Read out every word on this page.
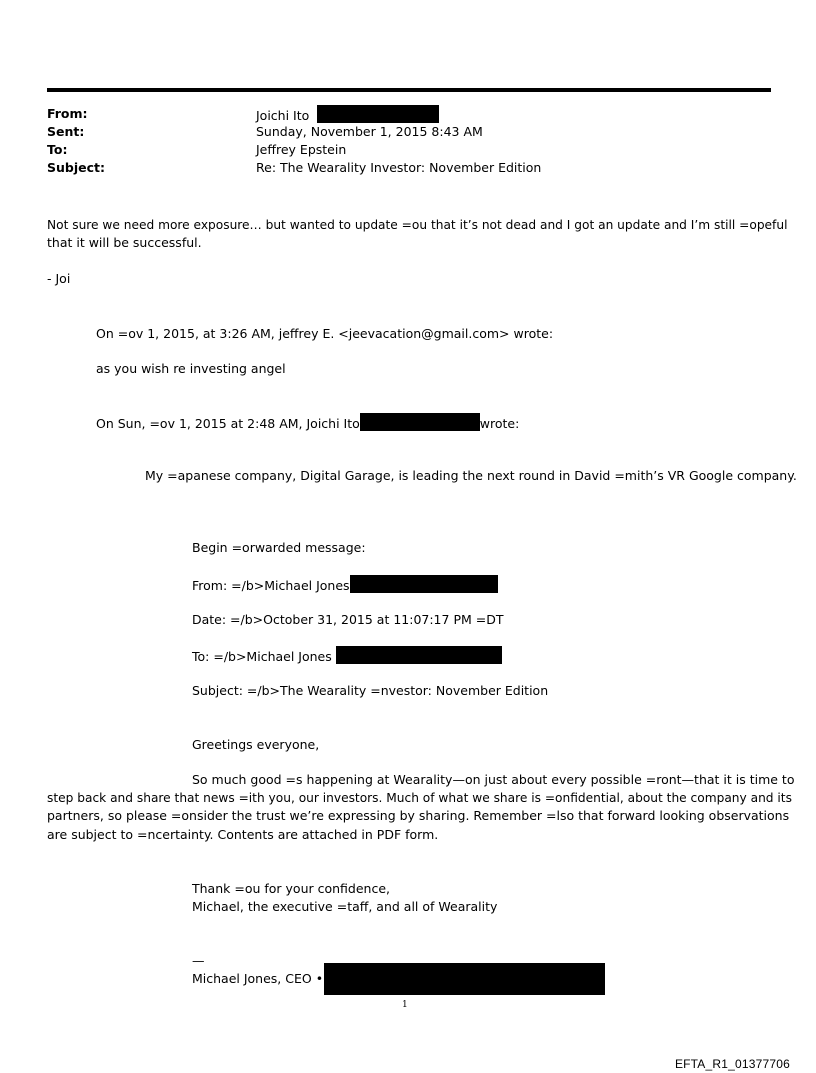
From:	Joichi Ito
Sent:	Sunday, November 1, 2015 8:43 AM
To:	Jeffrey Epstein
Subject:	Re: The Wearality Investor: November Edition
Not sure we need more exposure… but wanted to update =ou that it’s not dead and I got an update and I’m still =opeful
that it will be successful.
- Joi
On =ov 1, 2015, at 3:26 AM, jeffrey E. <jeevacation@gmail.com> wrote:
as you wish re investing angel
On Sun, =ov 1, 2015 at 2:48 AM, Joichi Ito	wrote:
My =apanese company, Digital Garage, is leading the next round in David =mith’s VR Google company.
Begin =orwarded message:
From: =/b>Michael Jones
Date: =/b>October 31, 2015 at 11:07:17 PM =DT
To: =/b>Michael Jones
Subject: =/b>The Wearality =nvestor: November Edition
Greetings everyone,
So much good =s happening at Wearality—on just about every possible =ront—that it is time to
step back and share that news =ith you, our investors. Much of what we share is =onfidential, about the company and its
partners, so please =onsider the trust we’re expressing by sharing. Remember =lso that forward looking observations
are subject to =ncertainty. Contents are attached in PDF form.
Thank =ou for your confidence,
Michael, the executive =taff, and all of Wearality
—
Michael Jones, CEO •
1
EFTA_R1_01377706
